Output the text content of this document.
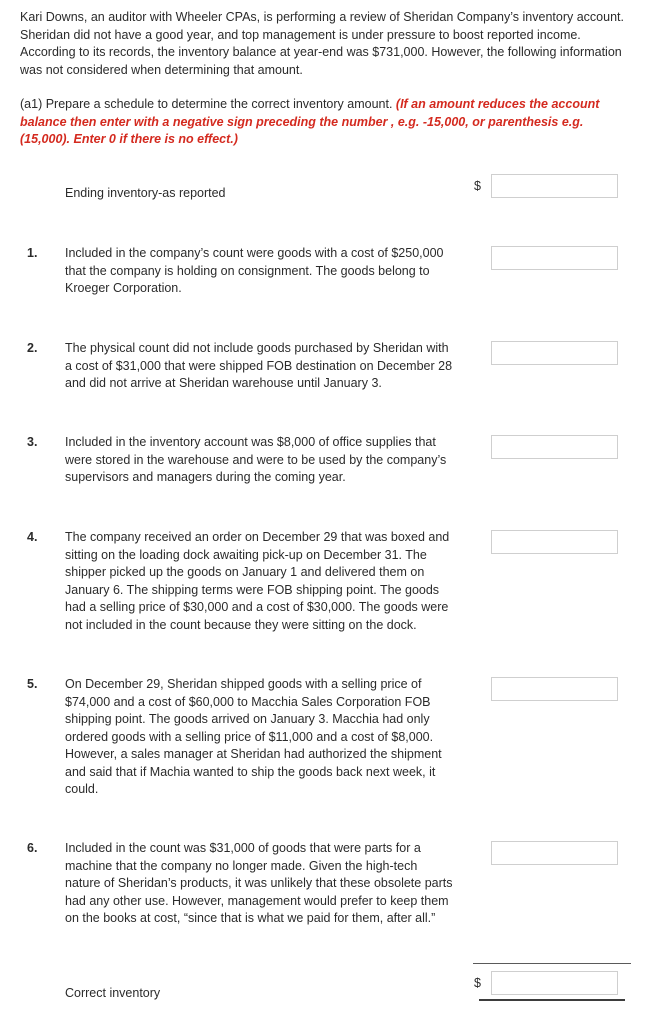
Kari Downs, an auditor with Wheeler CPAs, is performing a review of Sheridan Company’s inventory account. Sheridan did not have a good year, and top management is under pressure to boost reported income. According to its records, the inventory balance at year-end was $731,000. However, the following information was not considered when determining that amount.
(a1) Prepare a schedule to determine the correct inventory amount. (If an amount reduces the account balance then enter with a negative sign preceding the number , e.g. -15,000, or parenthesis e.g. (15,000). Enter 0 if there is no effect.)
Ending inventory-as reported	$
1. Included in the company’s count were goods with a cost of $250,000 that the company is holding on consignment. The goods belong to Kroeger Corporation.
2. The physical count did not include goods purchased by Sheridan with a cost of $31,000 that were shipped FOB destination on December 28 and did not arrive at Sheridan warehouse until January 3.
3. Included in the inventory account was $8,000 of office supplies that were stored in the warehouse and were to be used by the company’s supervisors and managers during the coming year.
4. The company received an order on December 29 that was boxed and sitting on the loading dock awaiting pick-up on December 31. The shipper picked up the goods on January 1 and delivered them on January 6. The shipping terms were FOB shipping point. The goods had a selling price of $30,000 and a cost of $30,000. The goods were not included in the count because they were sitting on the dock.
5. On December 29, Sheridan shipped goods with a selling price of $74,000 and a cost of $60,000 to Macchia Sales Corporation FOB shipping point. The goods arrived on January 3. Macchia had only ordered goods with a selling price of $11,000 and a cost of $8,000. However, a sales manager at Sheridan had authorized the shipment and said that if Machia wanted to ship the goods back next week, it could.
6. Included in the count was $31,000 of goods that were parts for a machine that the company no longer made. Given the high-tech nature of Sheridan’s products, it was unlikely that these obsolete parts had any other use. However, management would prefer to keep them on the books at cost, “since that is what we paid for them, after all.”
Correct inventory
$
